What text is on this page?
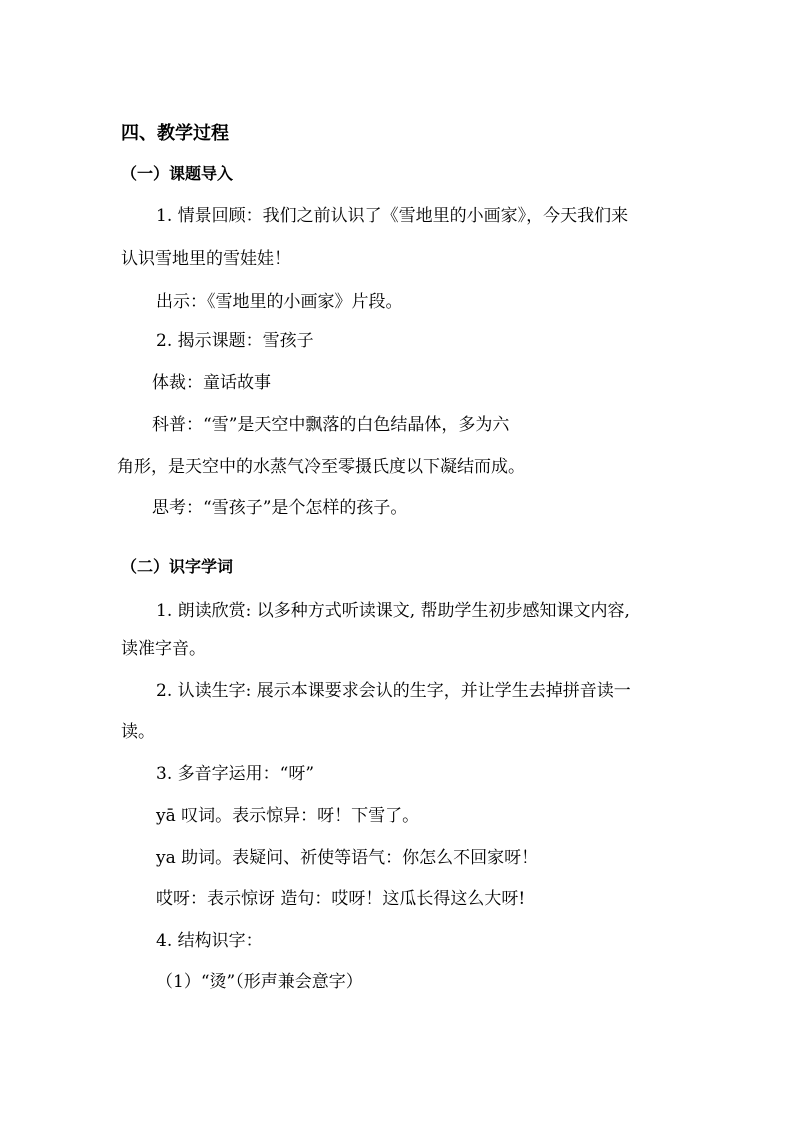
四、教学过程
（一）课题导入
1. 情景回顾：我们之前认识了《雪地里的小画家》，今天我们来
认识雪地里的雪娃娃！
出示：《雪地里的小画家》片段。
2. 揭示课题：雪孩子
体裁：童话故事
科普：“雪”是天空中飘落的白色结晶体，多为六
角形，是天空中的水蒸气冷至零摄氏度以下凝结而成。
思考：“雪孩子”是个怎样的孩子。
（二）识字学词
1. 朗读欣赏: 以多种方式听读课文, 帮助学生初步感知课文内容,
读准字音。
2. 认读生字: 展示本课要求会认的生字，并让学生去掉拼音读一
读。
3. 多音字运用：“呀”
yā 叹词。表示惊异：呀！下雪了。
ya 助词。表疑问、祈使等语气：你怎么不回家呀！
哎呀：表示惊讶 造句：哎呀！这瓜长得这么大呀!
4. 结构识字：
（1）“烫”（形声兼会意字）
